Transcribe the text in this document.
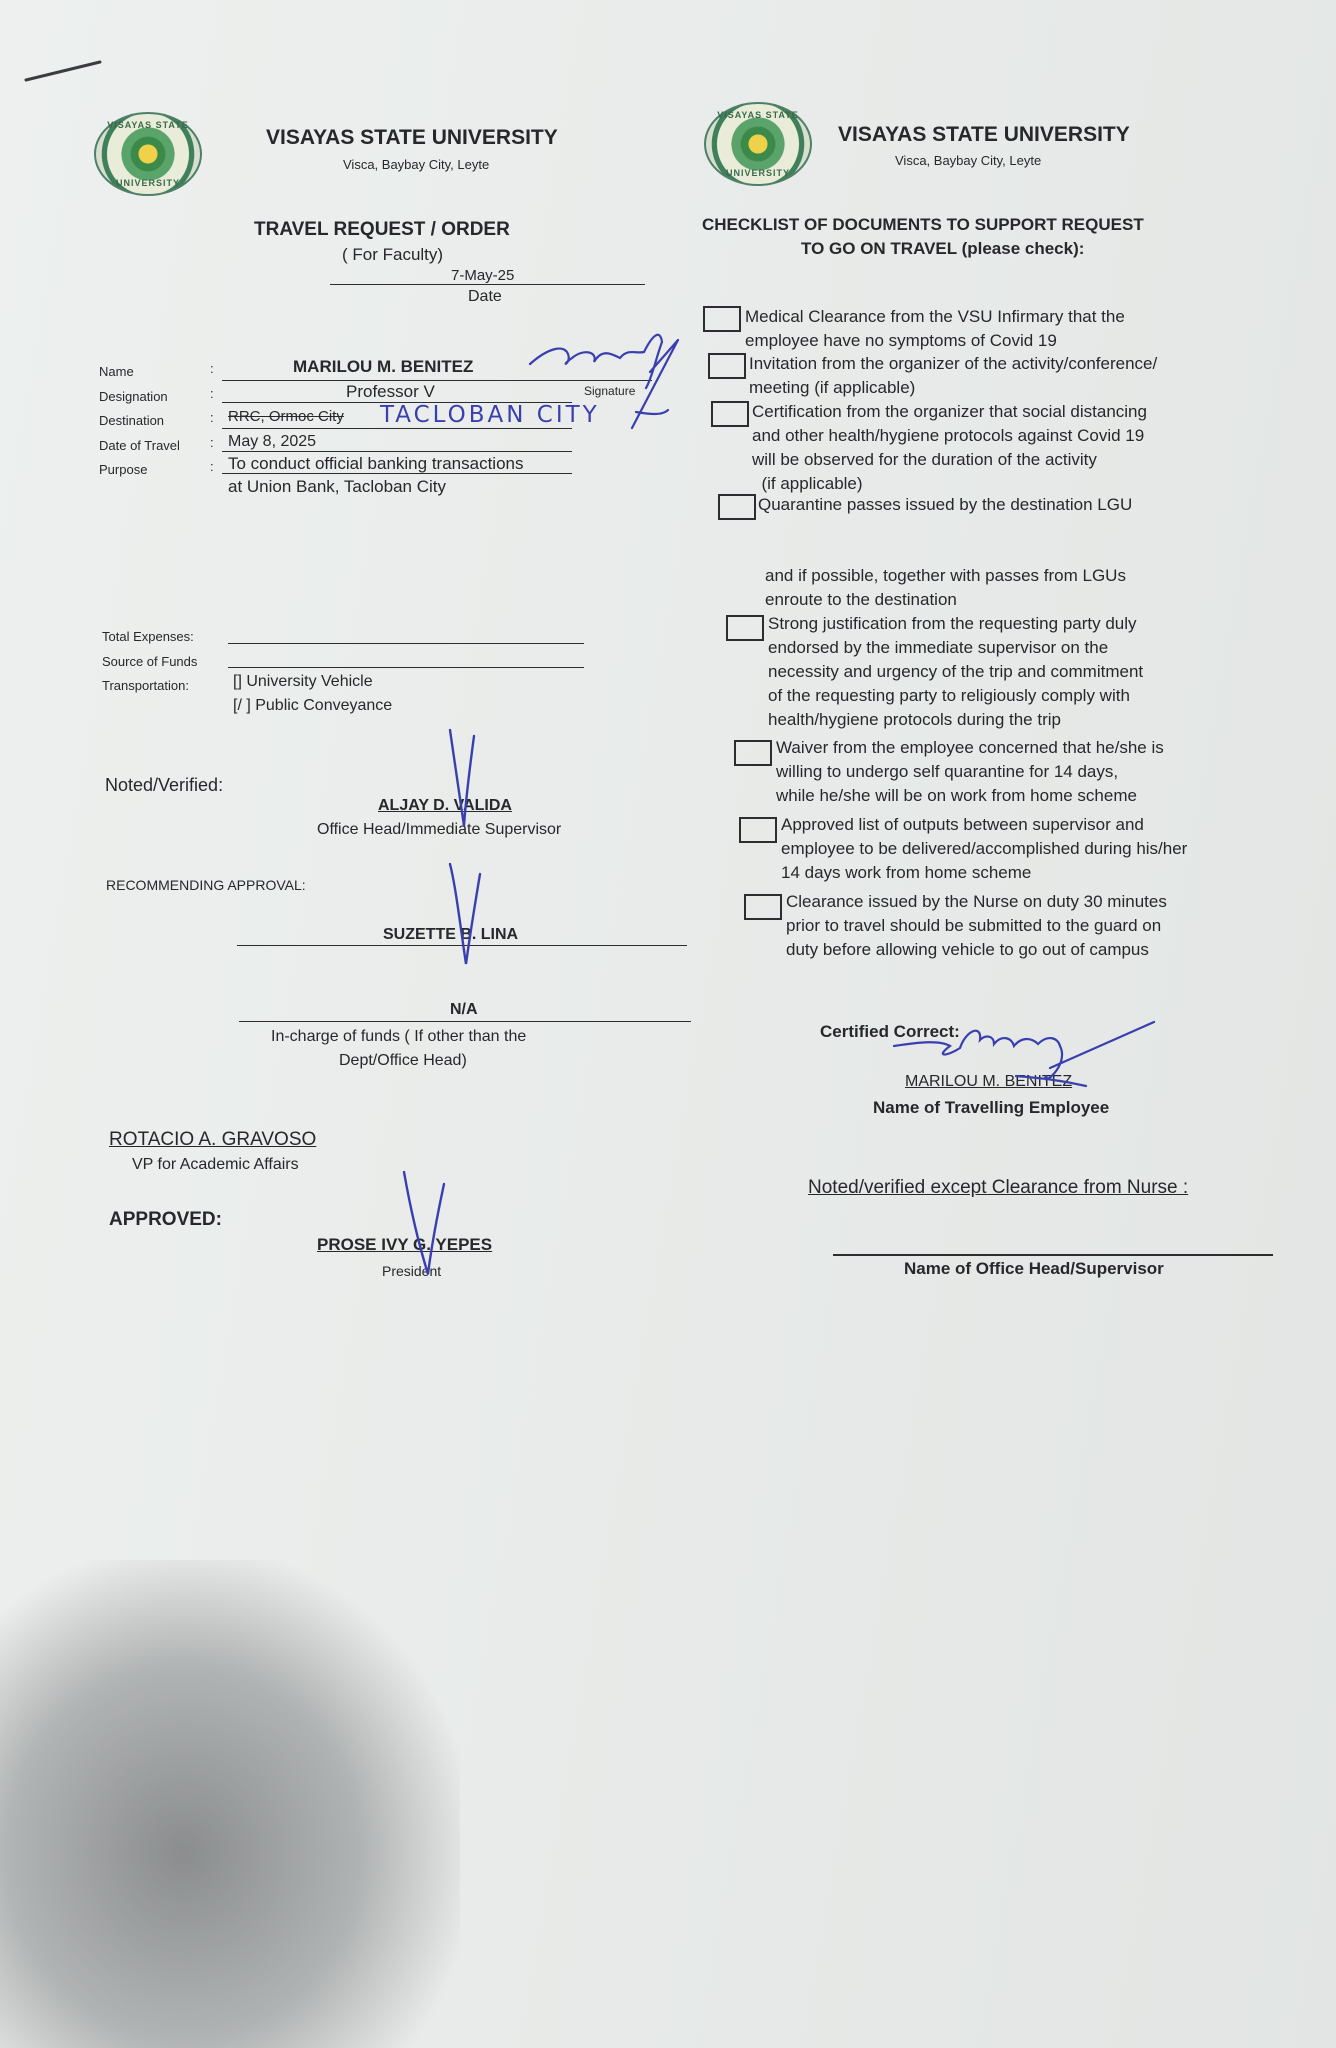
VISAYAS STATE
UNIVERSITY
VISAYAS STATE UNIVERSITY
Visca, Baybay City, Leyte
VISAYAS STATE
UNIVERSITY
VISAYAS STATE UNIVERSITY
Visca, Baybay City, Leyte
TRAVEL REQUEST / ORDER
( For Faculty)
7-May-25
Date
Name	:	MARILOU M. BENITEZ
Designation	:	Professor V	Signature
Destination	: RRC, Ormoc City TACLOBAN CITY
Date of Travel : May 8, 2025
Purpose	: To conduct official banking transactions
at Union Bank, Tacloban City
Total Expenses:
Source of Funds
Transportation:	[] University Vehicle
[/ ] Public Conveyance
Noted/Verified:
ALJAY D. VALIDA
Office Head/Immediate Supervisor
RECOMMENDING APPROVAL:
SUZETTE B. LINA
N/A
In-charge of funds ( If other than the
Dept/Office Head)
ROTACIO A. GRAVOSO
VP for Academic Affairs
APPROVED:
PROSE IVY G. YEPES
President
CHECKLIST OF DOCUMENTS TO SUPPORT REQUEST
TO GO ON TRAVEL (please check):
Medical Clearance from the VSU Infirmary that the
employee have no symptoms of Covid 19
Invitation from the organizer of the activity/conference/
meeting (if applicable)
Certification from the organizer that social distancing
and other health/hygiene protocols against Covid 19
will be observed for the duration of the activity
(if applicable)
Quarantine passes issued by the destination LGU
and if possible, together with passes from LGUs
enroute to the destination
Strong justification from the requesting party duly
endorsed by the immediate supervisor on the
necessity and urgency of the trip and commitment
of the requesting party to religiously comply with
health/hygiene protocols during the trip
Waiver from the employee concerned that he/she is
willing to undergo self quarantine for 14 days,
while he/she will be on work from home scheme
Approved list of outputs between supervisor and
employee to be delivered/accomplished during his/her
14 days work from home scheme
Clearance issued by the Nurse on duty 30 minutes
prior to travel should be submitted to the guard on
duty before allowing vehicle to go out of campus
Certified Correct:
MARILOU M. BENITEZ
Name of Travelling Employee
Noted/verified except Clearance from Nurse :
Name of Office Head/Supervisor
